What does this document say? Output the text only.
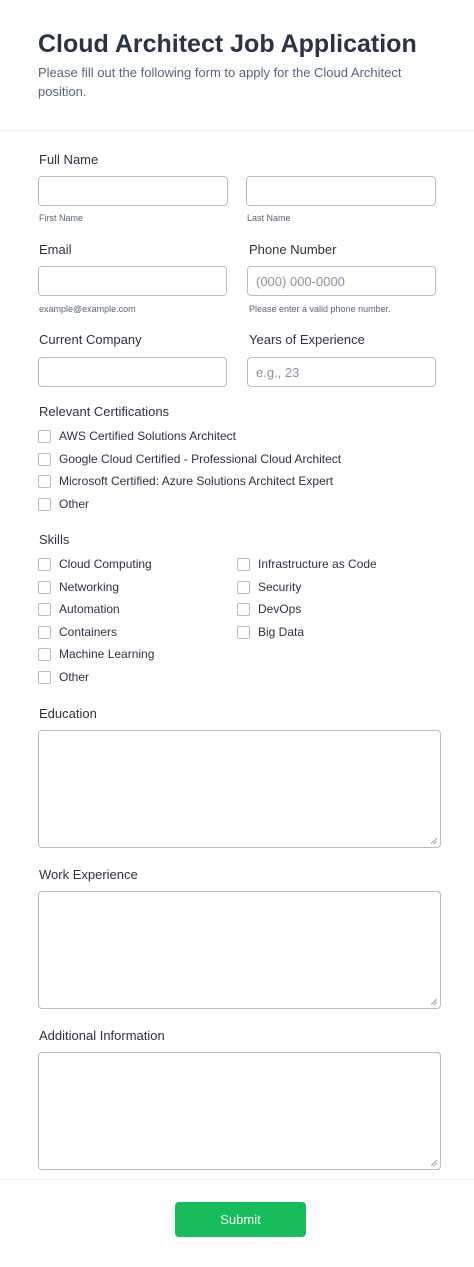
Cloud Architect Job Application

Please fill out the following form to apply for the Cloud Architect position.

Full Name
First Name	Last Name
Email
example@example.com
Phone Number
(000) 000-0000
Please enter a valid phone number.
Current Company	Years of Experience
e.g., 23
Relevant Certifications
AWS Certified Solutions Architect
Google Cloud Certified - Professional Cloud Architect
Microsoft Certified: Azure Solutions Architect Expert
Other
Skills
Cloud Computing
Networking
Automation
Containers
Machine Learning
Other
Infrastructure as Code
Security
DevOps
Big Data
Education
Work Experience
Additional Information
Submit
